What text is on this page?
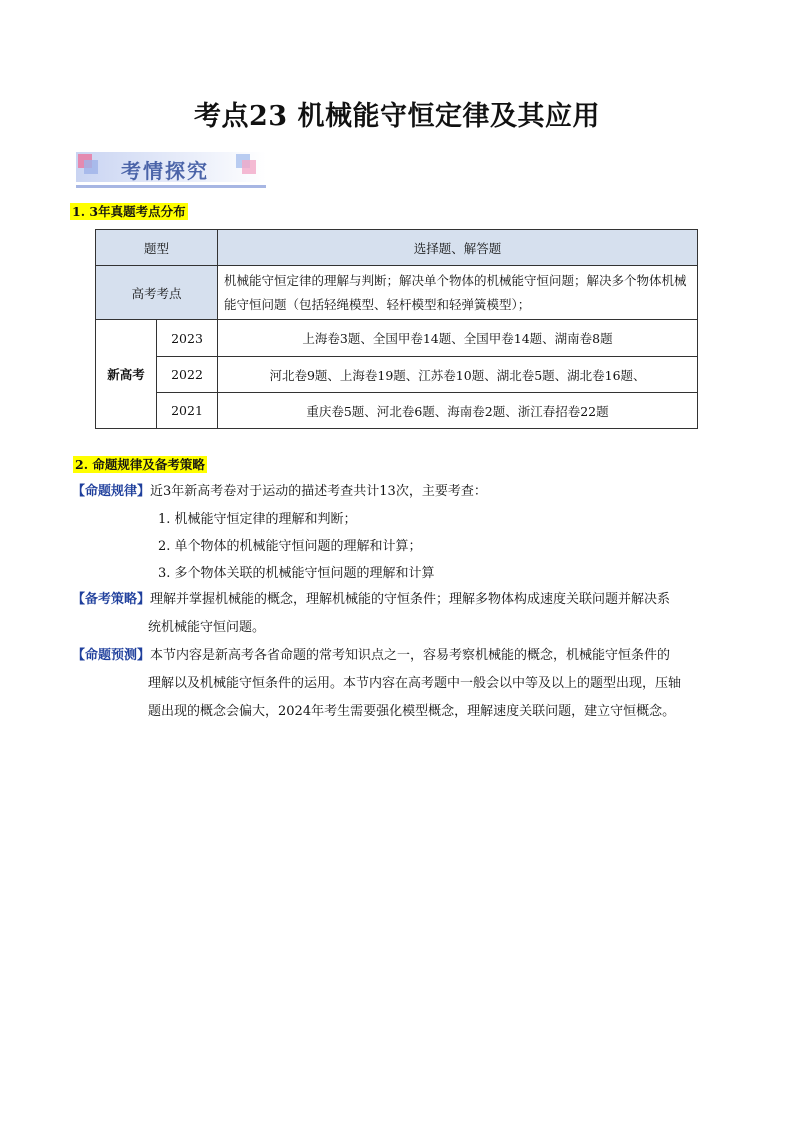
考点23 机械能守恒定律及其应用
考情探究
1. 3年真题考点分布
题型		选择题、解答题
高考考点		机械能守恒定律的理解与判断；解决单个物体的机械能守恒问题；解决多个物体机械能守恒问题（包括轻绳模型、轻杆模型和轻弹簧模型）；
新高考	2023	上海卷3题、全国甲卷14题、全国甲卷14题、湖南卷8题
	2022	河北卷9题、上海卷19题、江苏卷10题、湖北卷5题、湖北卷16题、
	2021	重庆卷5题、河北卷6题、海南卷2题、浙江春招卷22题
2. 命题规律及备考策略
【命题规律】近3年新高考卷对于运动的描述考查共计13次，主要考查：
1. 机械能守恒定律的理解和判断；
2. 单个物体的机械能守恒问题的理解和计算；
3. 多个物体关联的机械能守恒问题的理解和计算
【备考策略】理解并掌握机械能的概念，理解机械能的守恒条件；理解多物体构成速度关联问题并解决系
统机械能守恒问题。
【命题预测】本节内容是新高考各省命题的常考知识点之一，容易考察机械能的概念，机械能守恒条件的
理解以及机械能守恒条件的运用。本节内容在高考题中一般会以中等及以上的题型出现，压轴
题出现的概念会偏大，2024年考生需要强化模型概念，理解速度关联问题，建立守恒概念。
